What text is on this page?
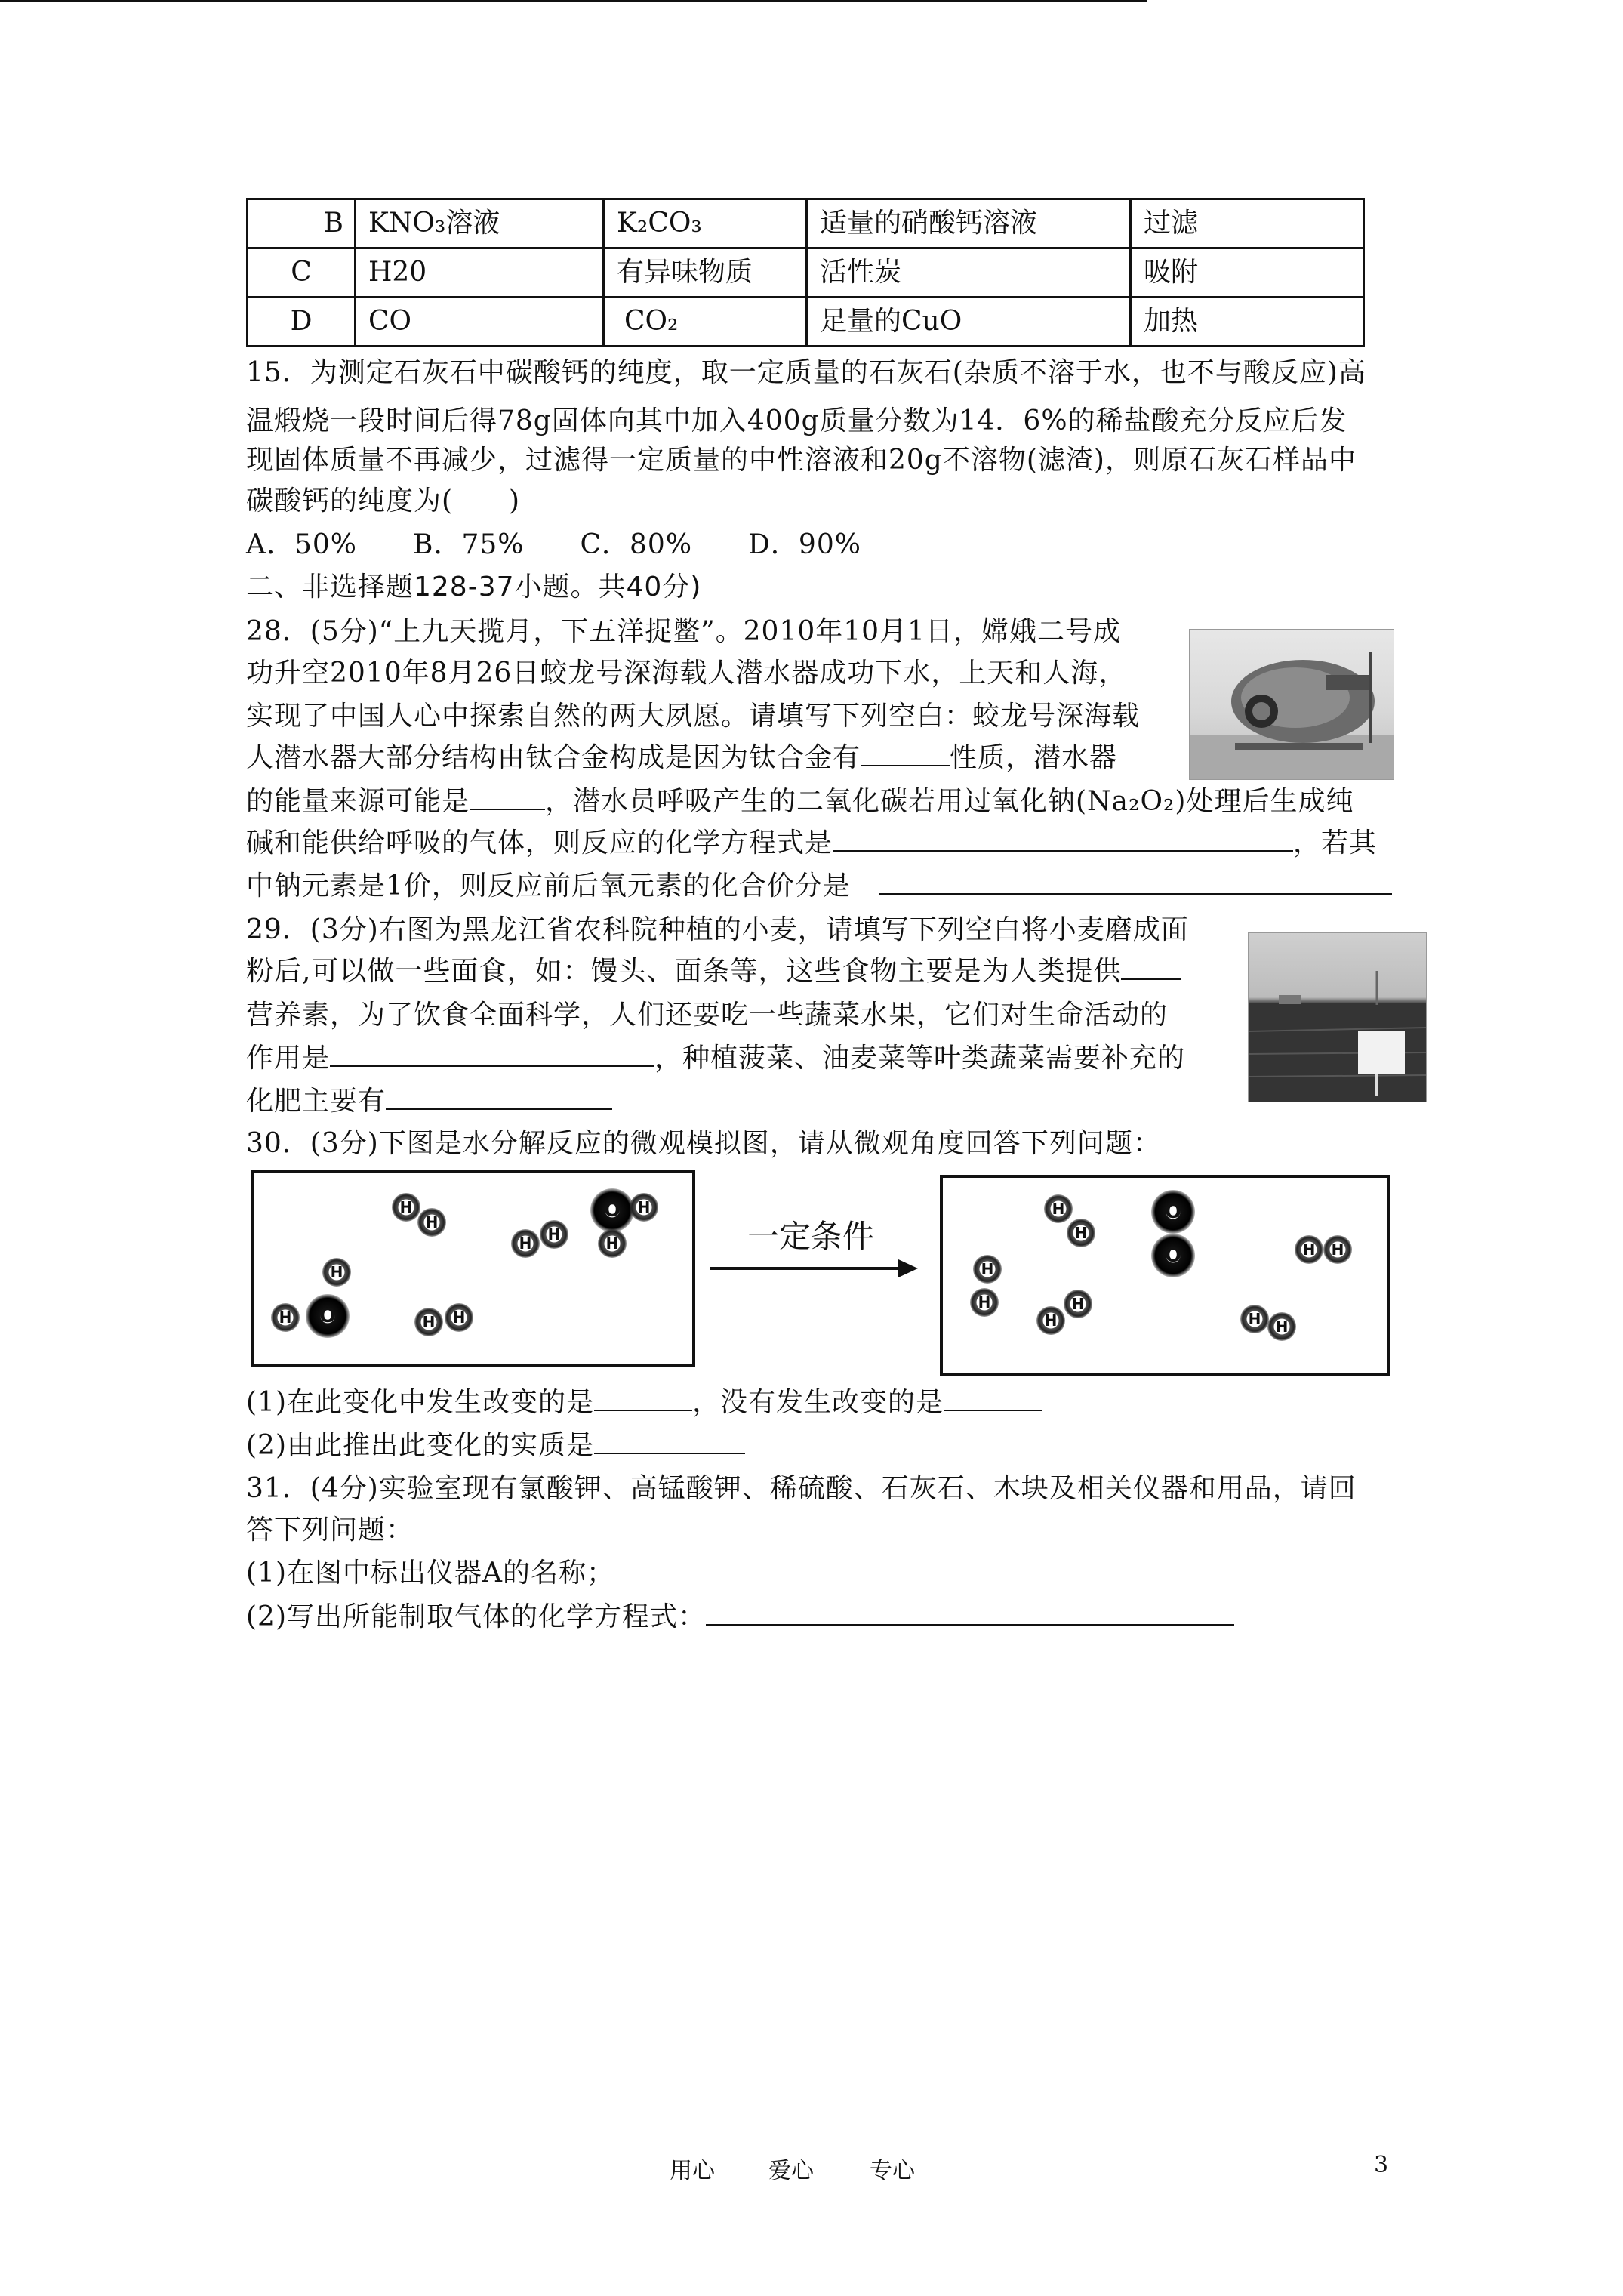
B	KNO₃溶液	K₂CO₃	适量的硝酸钙溶液	过滤
C	H20	有异味物质	活性炭	吸附
D	CO	CO₂	足量的CuO	加热
15．为测定石灰石中碳酸钙的纯度，取一定质量的石灰石(杂质不溶于水，也不与酸反应)高
温煅烧一段时间后得78g固体向其中加入400g质量分数为14．6%的稀盐酸充分反应后发
现固体质量不再减少，过滤得一定质量的中性溶液和20g不溶物(滤渣)，则原石灰石样品中
碳酸钙的纯度为(　　)
A．50%　　B．75%　　C．80%　　D．90%
二、非选择题128-37小题。共40分)
28．(5分)“上九天揽月，下五洋捉鳖”。2010年10月1日，嫦娥二号成
功升空2010年8月26日蛟龙号深海载人潜水器成功下水，上天和人海，
实现了中国人心中探索自然的两大夙愿。请填写下列空白：蛟龙号深海载
人潜水器大部分结构由钛合金构成是因为钛合金有	性质，潜水器
的能量来源可能是	，潜水员呼吸产生的二氧化碳若用过氧化钠(Na₂O₂)处理后生成纯
碱和能供给呼吸的气体，则反应的化学方程式是	，若其
中钠元素是1价，则反应前后氧元素的化合价分是　
29．(3分)右图为黑龙江省农科院种植的小麦，请填写下列空白将小麦磨成面
粉后,可以做一些面食，如：馒头、面条等，这些食物主要是为人类提供
营养素，为了饮食全面科学，人们还要吃一些蔬菜水果，它们对生命活动的
作用是	，种植菠菜、油麦菜等叶类蔬菜需要补充的
化肥主要有
30．(3分)下图是水分解反应的微观模拟图，请从微观角度回答下列问题：
H
H
O	H
H
H	H
H
H	O	H	H
一定条件
H
H
O
O
H
H
H	H
H
H
H H
(1)在此变化中发生改变的是	，没有发生改变的是
(2)由此推出此变化的实质是
31．(4分)实验室现有氯酸钾、高锰酸钾、稀硫酸、石灰石、木块及相关仪器和用品，请回
答下列问题：
(1)在图中标出仪器A的名称；
(2)写出所能制取气体的化学方程式：
用心 爱心 专心	3
